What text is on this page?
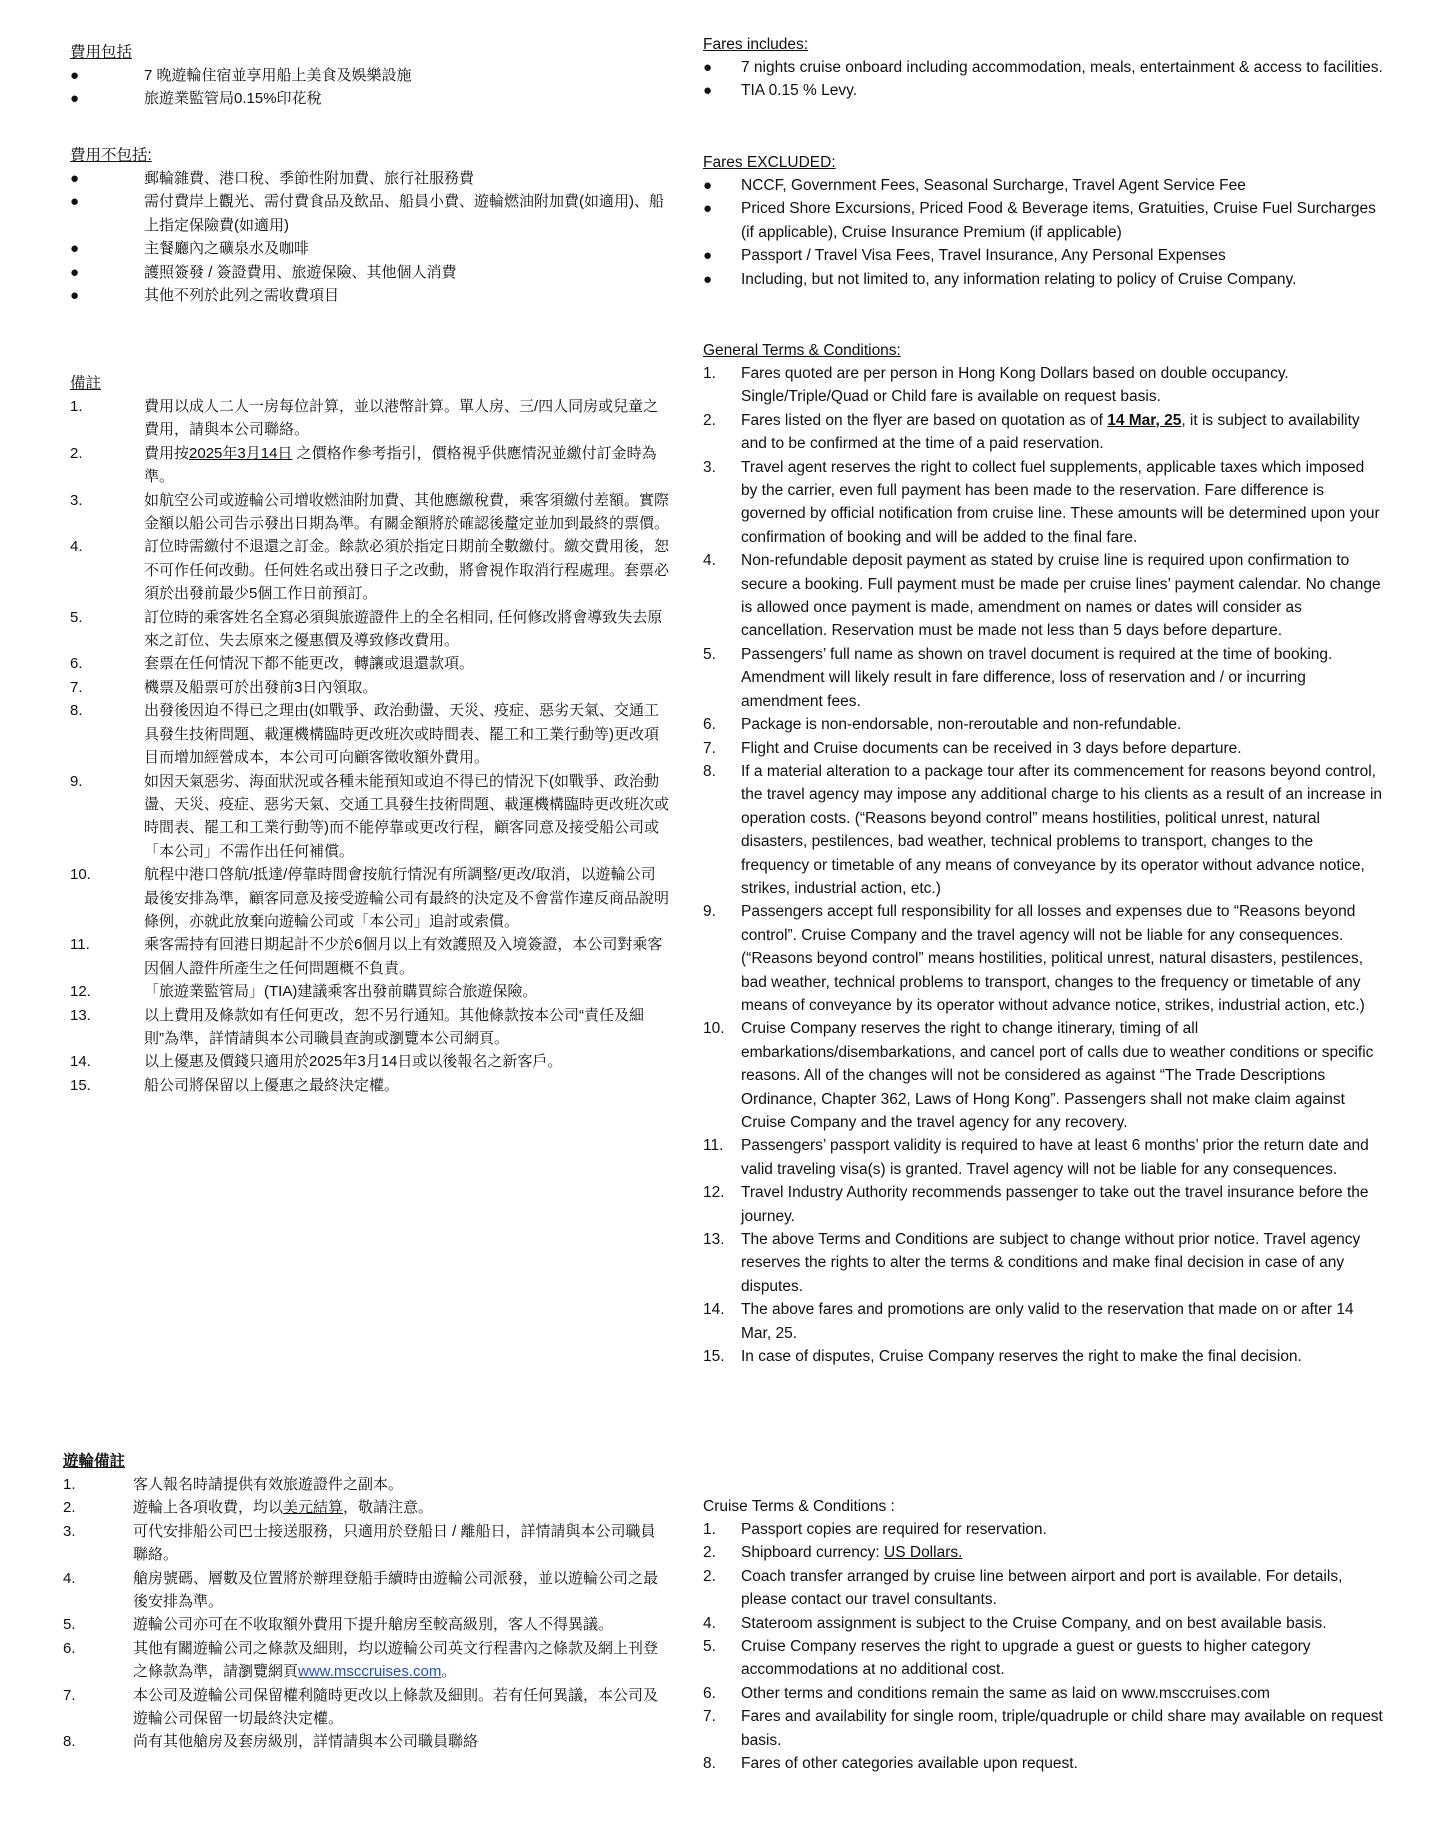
費用包括
●	7 晚遊輪住宿並享用船上美食及娛樂設施
●	旅遊業監管局0.15%印花稅
費用不包括:
●	郵輪雜費、港口稅、季節性附加費、旅行社服務費
●	需付費岸上觀光、需付費食品及飲品、船員小費、遊輪燃油附加費(如適用)、船上指定保險費(如適用)
●	主餐廳內之礦泉水及咖啡
●	護照簽發 / 簽證費用、旅遊保險、其他個人消費
●	其他不列於此列之需收費項目
備註
1.	費用以成人二人一房每位計算，並以港幣計算。單人房、三/四人同房或兒童之費用，請與本公司聯絡。
2.	費用按2025年3月14日 之價格作參考指引，價格視乎供應情況並繳付訂金時為準。
3.	如航空公司或遊輪公司增收燃油附加費、其他應繳稅費，乘客須繳付差額。實際金額以船公司告示發出日期為準。有關金額將於確認後釐定並加到最終的票價。
4.	訂位時需繳付不退還之訂金。餘款必須於指定日期前全數繳付。繳交費用後，恕不可作任何改動。任何姓名或出發日子之改動，將會視作取消行程處理。套票必須於出發前最少5個工作日前預訂。
5.	訂位時的乘客姓名全寫必須與旅遊證件上的全名相同, 任何修改將會導致失去原來之訂位、失去原來之優惠價及導致修改費用。
6.	套票在任何情況下都不能更改，轉讓或退還款項。
7.	機票及船票可於出發前3日內領取。
8.	出發後因迫不得已之理由(如戰爭、政治動盪、天災、疫症、惡劣天氣、交通工具發生技術問題、載運機構臨時更改班次或時間表、罷工和工業行動等)更改項目而增加經營成本，本公司可向顧客徵收額外費用。
9.	如因天氣惡劣、海面狀況或各種未能預知或迫不得已的情況下(如戰爭、政治動盪、天災、疫症、惡劣天氣、交通工具發生技術問題、載運機構臨時更改班次或時間表、罷工和工業行動等)而不能停靠或更改行程，顧客同意及接受船公司或「本公司」不需作出任何補償。
10.	航程中港口啓航/抵達/停靠時間會按航行情況有所調整/更改/取消，以遊輪公司最後安排為準，顧客同意及接受遊輪公司有最終的決定及不會當作違反商品說明條例，亦就此放棄向遊輪公司或「本公司」追討或索償。
11.	乘客需持有回港日期起計不少於6個月以上有效護照及入境簽證，本公司對乘客因個人證件所產生之任何問題概不負責。
12.	「旅遊業監管局」(TIA)建議乘客出發前購買綜合旅遊保險。
13.	以上費用及條款如有任何更改，恕不另行通知。其他條款按本公司“責任及細則”為準，詳情請與本公司職員查詢或瀏覽本公司網頁。
14.	以上優惠及價錢只適用於2025年3月14日或以後報名之新客戶。
15.	船公司將保留以上優惠之最終決定權。
遊輪備註
1.	客人報名時請提供有效旅遊證件之副本。
2.	遊輪上各項收費，均以美元結算，敬請注意。
3.	可代安排船公司巴士接送服務，只適用於登船日 / 離船日，詳情請與本公司職員聯絡。
4.	艙房號碼、層數及位置將於辦理登船手續時由遊輪公司派發，並以遊輪公司之最後安排為準。
5.	遊輪公司亦可在不收取額外費用下提升艙房至較高級別，客人不得異議。
6.	其他有關遊輪公司之條款及細則，均以遊輪公司英文行程書內之條款及網上刊登之條款為準，請瀏覽網頁www.msccruises.com。
7.	本公司及遊輪公司保留權利隨時更改以上條款及細則。若有任何異議，本公司及遊輪公司保留一切最終決定權。
8.	尚有其他艙房及套房級別，詳情請與本公司職員聯絡
Fares includes:
●	7 nights cruise onboard including accommodation, meals, entertainment & access to facilities.
●	TIA 0.15 % Levy.
Fares EXCLUDED:
●	NCCF, Government Fees, Seasonal Surcharge, Travel Agent Service Fee
●	Priced Shore Excursions, Priced Food & Beverage items, Gratuities, Cruise Fuel Surcharges (if applicable), Cruise Insurance Premium (if applicable)
●	Passport / Travel Visa Fees, Travel Insurance, Any Personal Expenses
●	Including, but not limited to, any information relating to policy of Cruise Company.
General Terms & Conditions:
1.	Fares quoted are per person in Hong Kong Dollars based on double occupancy. Single/Triple/Quad or Child fare is available on request basis.
2.	Fares listed on the flyer are based on quotation as of 14 Mar, 25, it is subject to availability and to be confirmed at the time of a paid reservation.
3.	Travel agent reserves the right to collect fuel supplements, applicable taxes which imposed by the carrier, even full payment has been made to the reservation. Fare difference is governed by official notification from cruise line. These amounts will be determined upon your confirmation of booking and will be added to the final fare.
4.	Non-refundable deposit payment as stated by cruise line is required upon confirmation to secure a booking. Full payment must be made per cruise lines’ payment calendar. No change is allowed once payment is made, amendment on names or dates will consider as cancellation. Reservation must be made not less than 5 days before departure.
5.	Passengers’ full name as shown on travel document is required at the time of booking. Amendment will likely result in fare difference, loss of reservation and / or incurring amendment fees.
6.	Package is non-endorsable, non-reroutable and non-refundable.
7.	Flight and Cruise documents can be received in 3 days before departure.
8.	If a material alteration to a package tour after its commencement for reasons beyond control, the travel agency may impose any additional charge to his clients as a result of an increase in operation costs. (“Reasons beyond control” means hostilities, political unrest, natural disasters, pestilences, bad weather, technical problems to transport, changes to the frequency or timetable of any means of conveyance by its operator without advance notice, strikes, industrial action, etc.)
9.	Passengers accept full responsibility for all losses and expenses due to “Reasons beyond control”. Cruise Company and the travel agency will not be liable for any consequences. (“Reasons beyond control” means hostilities, political unrest, natural disasters, pestilences, bad weather, technical problems to transport, changes to the frequency or timetable of any means of conveyance by its operator without advance notice, strikes, industrial action, etc.)
10.	Cruise Company reserves the right to change itinerary, timing of all embarkations/disembarkations, and cancel port of calls due to weather conditions or specific reasons. All of the changes will not be considered as against “The Trade Descriptions Ordinance, Chapter 362, Laws of Hong Kong”. Passengers shall not make claim against Cruise Company and the travel agency for any recovery.
11.	Passengers’ passport validity is required to have at least 6 months’ prior the return date and valid traveling visa(s) is granted. Travel agency will not be liable for any consequences.
12.	Travel Industry Authority recommends passenger to take out the travel insurance before the journey.
13.	The above Terms and Conditions are subject to change without prior notice. Travel agency reserves the rights to alter the terms & conditions and make final decision in case of any disputes.
14.	The above fares and promotions are only valid to the reservation that made on or after 14 Mar, 25.
15.	In case of disputes, Cruise Company reserves the right to make the final decision.
Cruise Terms & Conditions :
1.	Passport copies are required for reservation.
2.	Shipboard currency: US Dollars.
2.	Coach transfer arranged by cruise line between airport and port is available. For details, please contact our travel consultants.
4.	Stateroom assignment is subject to the Cruise Company, and on best available basis.
5.	Cruise Company reserves the right to upgrade a guest or guests to higher category accommodations at no additional cost.
6.	Other terms and conditions remain the same as laid on www.msccruises.com
7.	Fares and availability for single room, triple/quadruple or child share may available on request basis.
8.	Fares of other categories available upon request.
